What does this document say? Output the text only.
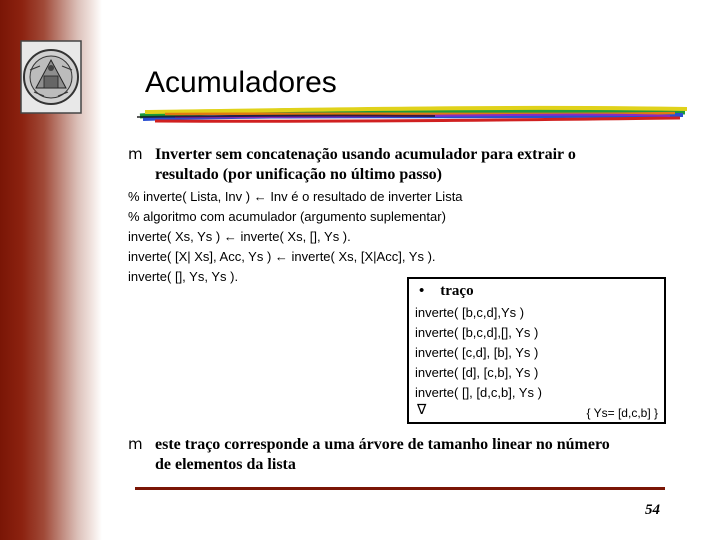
Acumuladores
m Inverter sem concatenação usando acumulador para extrair o
resultado (por unificação no último passo)
% inverte( Lista, Inv ) ← Inv é o resultado de inverter Lista
% algoritmo com acumulador (argumento suplementar)
inverte( Xs, Ys ) ← inverte( Xs, [], Ys ).
inverte( [X| Xs], Acc, Ys ) ← inverte( Xs, [X|Acc], Ys ).
inverte( [], Ys, Ys ).
• traço
inverte( [b,c,d],Ys )
inverte( [b,c,d],[], Ys )
inverte( [c,d], [b], Ys )
inverte( [d], [c,b], Ys )
inverte( [], [d,c,b], Ys )
∇	{ Ys= [d,c,b] }
m este traço corresponde a uma árvore de tamanho linear no número
de elementos da lista
54
